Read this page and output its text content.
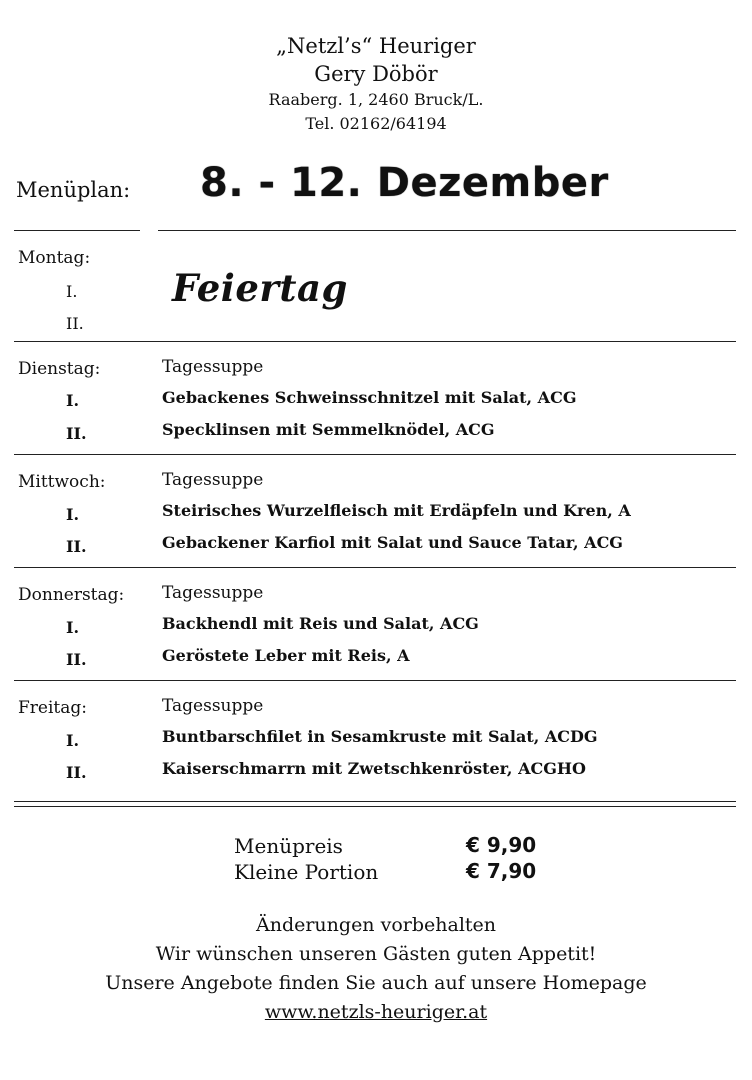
„Netzl’s“ Heuriger
Gery Döbör
Raaberg. 1, 2460 Bruck/L.
Tel. 02162/64194
Menüplan: 8. - 12. Dezember
Montag:
I.
II.
Feiertag
Dienstag:	Tagessuppe
I.	Gebackenes Schweinsschnitzel mit Salat, ACG
II.	Specklinsen mit Semmelknödel, ACG
Mittwoch:	Tagessuppe
I.	Steirisches Wurzelfleisch mit Erdäpfeln und Kren, A
II.	Gebackener Karfiol mit Salat und Sauce Tatar, ACG
Donnerstag: Tagessuppe
I.	Backhendl mit Reis und Salat, ACG
II.	Geröstete Leber mit Reis, A
Freitag:	Tagessuppe
I.	Buntbarschfilet in Sesamkruste mit Salat, ACDG
II.	Kaiserschmarrn mit Zwetschkenröster, ACGHO
Menüpreis	€ 9,90
Kleine Portion	€ 7,90
Änderungen vorbehalten
Wir wünschen unseren Gästen guten Appetit!
Unsere Angebote finden Sie auch auf unsere Homepage
www.netzls-heuriger.at
